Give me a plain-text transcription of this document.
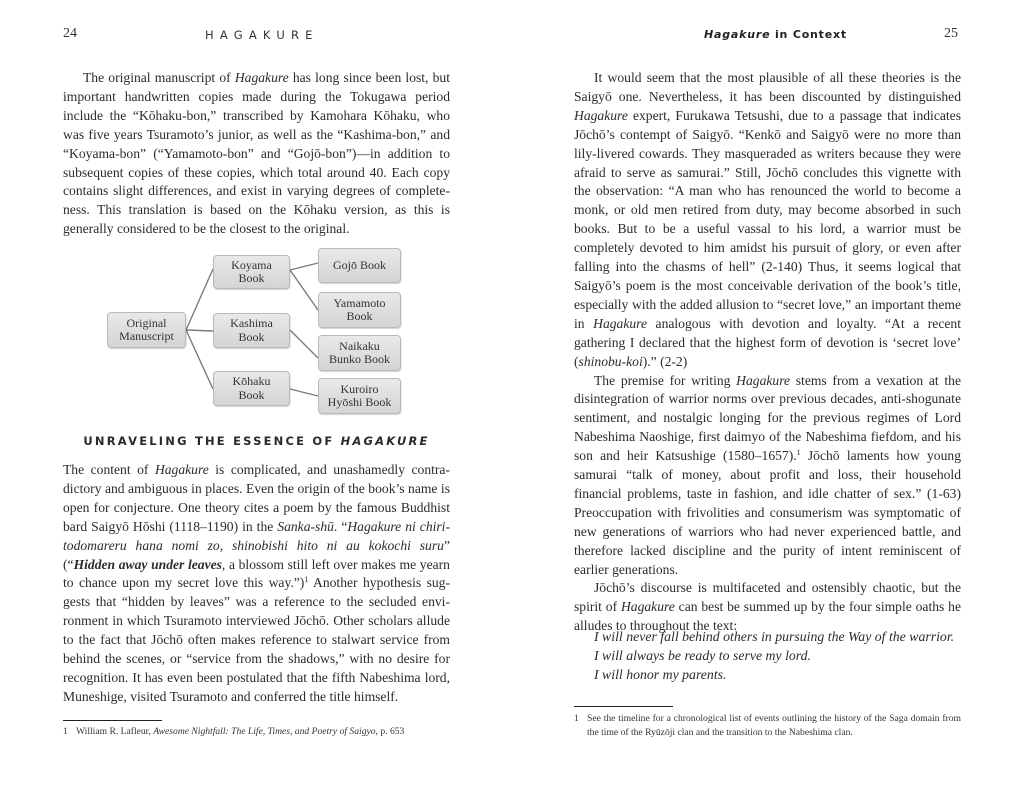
24	HAGAKURE

The original manuscript of Hagakure has long since been lost, but important handwritten copies made during the Tokugawa period include the “Kōhaku-bon,” transcribed by Kamohara Kōhaku, who was five years Tsuramoto’s junior, as well as the “Kashima-bon,” and “Koyama-bon” (“Yamamoto-bon” and “Gojō-bon”)—in addition to subsequent copies of these copies, which total around 40. Each copy contains slight differences, and exist in varying degrees of completeness. This translation is based on the Kōhaku version, as this is generally considered to be the closest to the original.

Original
Manuscript
Koyama
Book
Kashima
Book
Kōhaku
Book
Gojō Book
Yamamoto
Book
Naikaku
Bunko Book
Kuroiro
Hyōshi Book
UNRAVELING THE ESSENCE OF HAGAKURE

The content of Hagakure is complicated, and unashamedly contradictory and ambiguous in places. Even the origin of the book’s name is open for conjecture. One theory cites a poem by the famous Buddhist bard Saigyō Hōshi (1118–1190) in the Sanka-shū. “Hagakure ni chiri-todomareru hana nomi zo, shinobishi hito ni au kokochi suru” (“Hidden away under leaves, a blossom still left over makes me yearn to chance upon my secret love this way.”)$^1$ Another hypothesis suggests that “hidden by leaves” was a reference to the secluded environment in which Tsuramoto interviewed Jōchō. Other scholars allude to the fact that Jōchō often makes reference to stalwart service from behind the scenes, or “service from the shadows,” with no desire for recognition. It has even been postulated that the fifth Nabeshima lord, Muneshige, visited Tsuramoto and conferred the title himself.

1 William R. Lafleur, Awesome Nightfall: The Life, Times, and Poetry of Saigyo, p. 653
Hagakure in Context	25

It would seem that the most plausible of all these theories is the Saigyō one. Nevertheless, it has been discounted by distinguished Hagakure expert, Furukawa Tetsushi, due to a passage that indicates Jōchō’s contempt of Saigyō. “Kenkō and Saigyō were no more than lily-livered cowards. They masqueraded as writers because they were afraid to serve as samurai.” Still, Jōchō concludes this vignette with the observation: “A man who has renounced the world to become a monk, or old men retired from duty, may become absorbed in such books. But to be a useful vassal to his lord, a warrior must be completely devoted to him amidst his pursuit of glory, or even after falling into the chasms of hell” (2-140) Thus, it seems logical that Saigyō’s poem is the most conceivable derivation of the book’s title, especially with the added allusion to “secret love,” an important theme in Hagakure analogous with devotion and loyalty. “At a recent gathering I declared that the highest form of devotion is ‘secret love’ (shinobu-koi).” (2-2)

The premise for writing Hagakure stems from a vexation at the disintegration of warrior norms over previous decades, anti-shogunate sentiment, and nostalgic longing for the previous regimes of Lord Nabeshima Naoshige, first daimyo of the Nabeshima fiefdom, and his son and heir Katsushige (1580–1657).$^1$ Jōchō laments how young samurai “talk of money, about profit and loss, their household financial problems, taste in fashion, and idle chatter of sex.” (1-63) Preoccupation with frivolities and consumerism was symptomatic of new generations of warriors who had never experienced battle, and therefore lacked discipline and the purity of intent reminiscent of earlier generations.

Jōchō’s discourse is multifaceted and ostensibly chaotic, but the spirit of Hagakure can best be summed up by the four simple oaths he alludes to throughout the text:

I will never fall behind others in pursuing the Way of the warrior.
I will always be ready to serve my lord.
I will honor my parents.
1 See the timeline for a chronological list of events outlining the history of the Saga domain from the time of the Ryūzōji clan and the transition to the Nabeshima clan.
